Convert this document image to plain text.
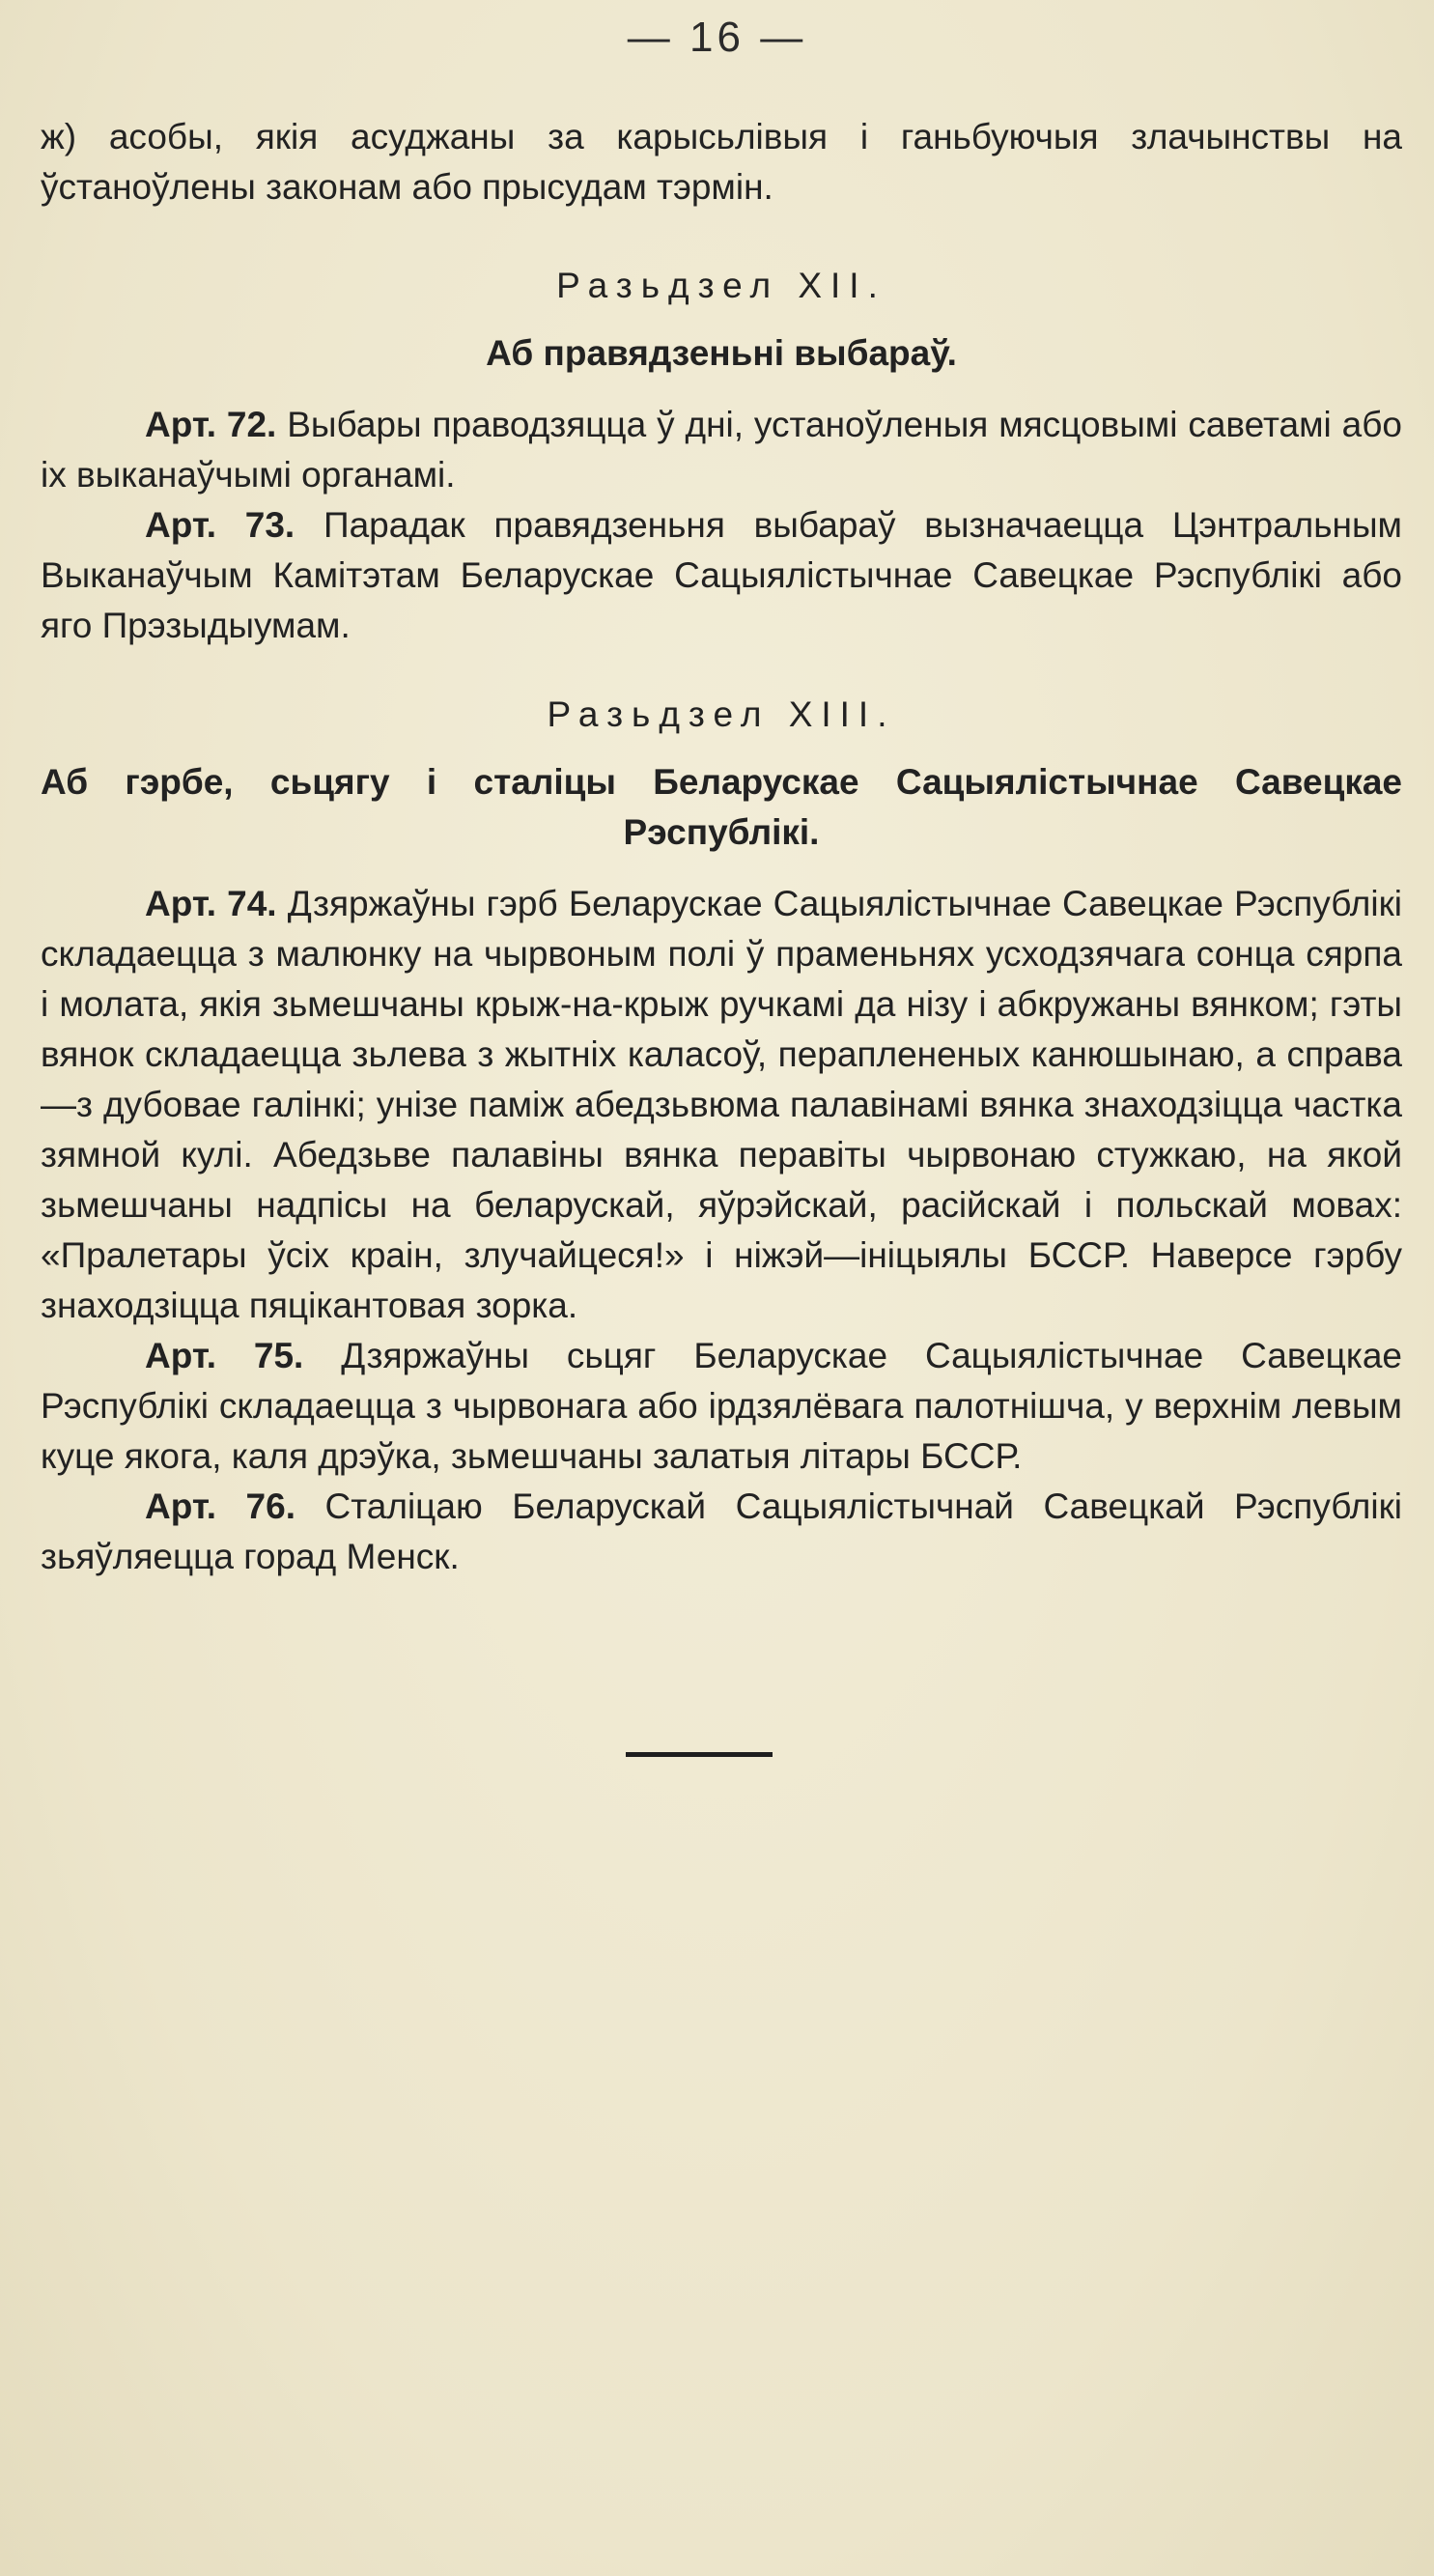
— 16 —

ж) асобы, якія асуджаны за карысьлівыя і ганьбуючыя злачынствы на ўстаноўлены законам або прысудам тэрмін.

Разьдзел XII.

Аб правядзеньні выбараў.

Арт. 72. Выбары праводзяцца ў дні, устаноўленыя мясцовымі саветамі або іх выканаўчымі органамі.

Арт. 73. Парадак правядзеньня выбараў вызначаецца Цэнтральным Выканаўчым Камітэтам Беларускае Сацыялістычнае Савецкае Рэспублікі або яго Прэзыдыумам.

Разьдзел XIII.

Аб гэрбе, сьцягу і сталіцы Беларускае Сацыялістычнае Савецкае Рэспублікі.

Арт. 74. Дзяржаўны гэрб Беларускае Сацыялістычнае Савецкае Рэспублікі складаецца з малюнку на чырвоным полі ў праменьнях усходзячага сонца сярпа і молата, якія зьмешчаны крыж-на-крыж ручкамі да нізу і абкружаны вянком; гэты вянок складаецца зьлева з жытніх каласоў, пераплененых канюшынаю, а справа—з дубовае галінкі; унізе паміж абедзьвюма палавінамі вянка знаходзіцца частка зямной кулі. Абедзьве палавіны вянка перавіты чырвонаю стужкаю, на якой зьмешчаны надпісы на беларускай, яўрэйскай, расійскай і польскай мовах: «Пралетары ўсіх краін, злучайцеся!» і ніжэй—ініцыялы БССР. Наверсе гэрбу знаходзіцца пяцікантовая зорка.

Арт. 75. Дзяржаўны сьцяг Беларускае Сацыялістычнае Савецкае Рэспублікі складаецца з чырвонага або ірдзялёвага палотнішча, у верхнім левым куце якога, каля дрэўка, зьмешчаны залатыя літары БССР.

Арт. 76. Сталіцаю Беларускай Сацыялістычнай Савецкай Рэспублікі зьяўляецца горад Менск.
